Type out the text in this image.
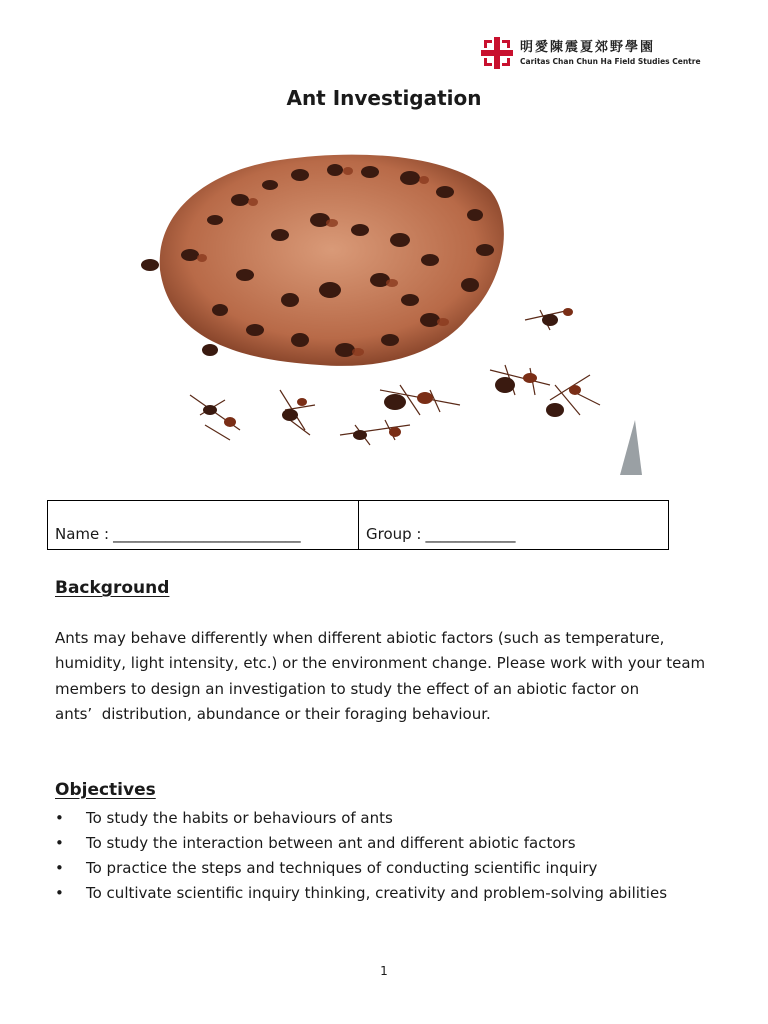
明愛陳震夏郊野學園
Caritas Chan Chun Ha Field Studies Centre
Ant Investigation
Name : _________________________	Group : ____________
Background

Ants may behave differently when different abiotic factors (such as temperature,
humidity, light intensity, etc.) or the environment change. Please work with your team
members to design an investigation to study the effect of an abiotic factor on
ants’  distribution, abundance or their foraging behaviour.

Objectives
•	To study the habits or behaviours of ants
•	To study the interaction between ant and different abiotic factors
•	To practice the steps and techniques of conducting scientific inquiry
•	To cultivate scientific inquiry thinking, creativity and problem-solving abilities
1
